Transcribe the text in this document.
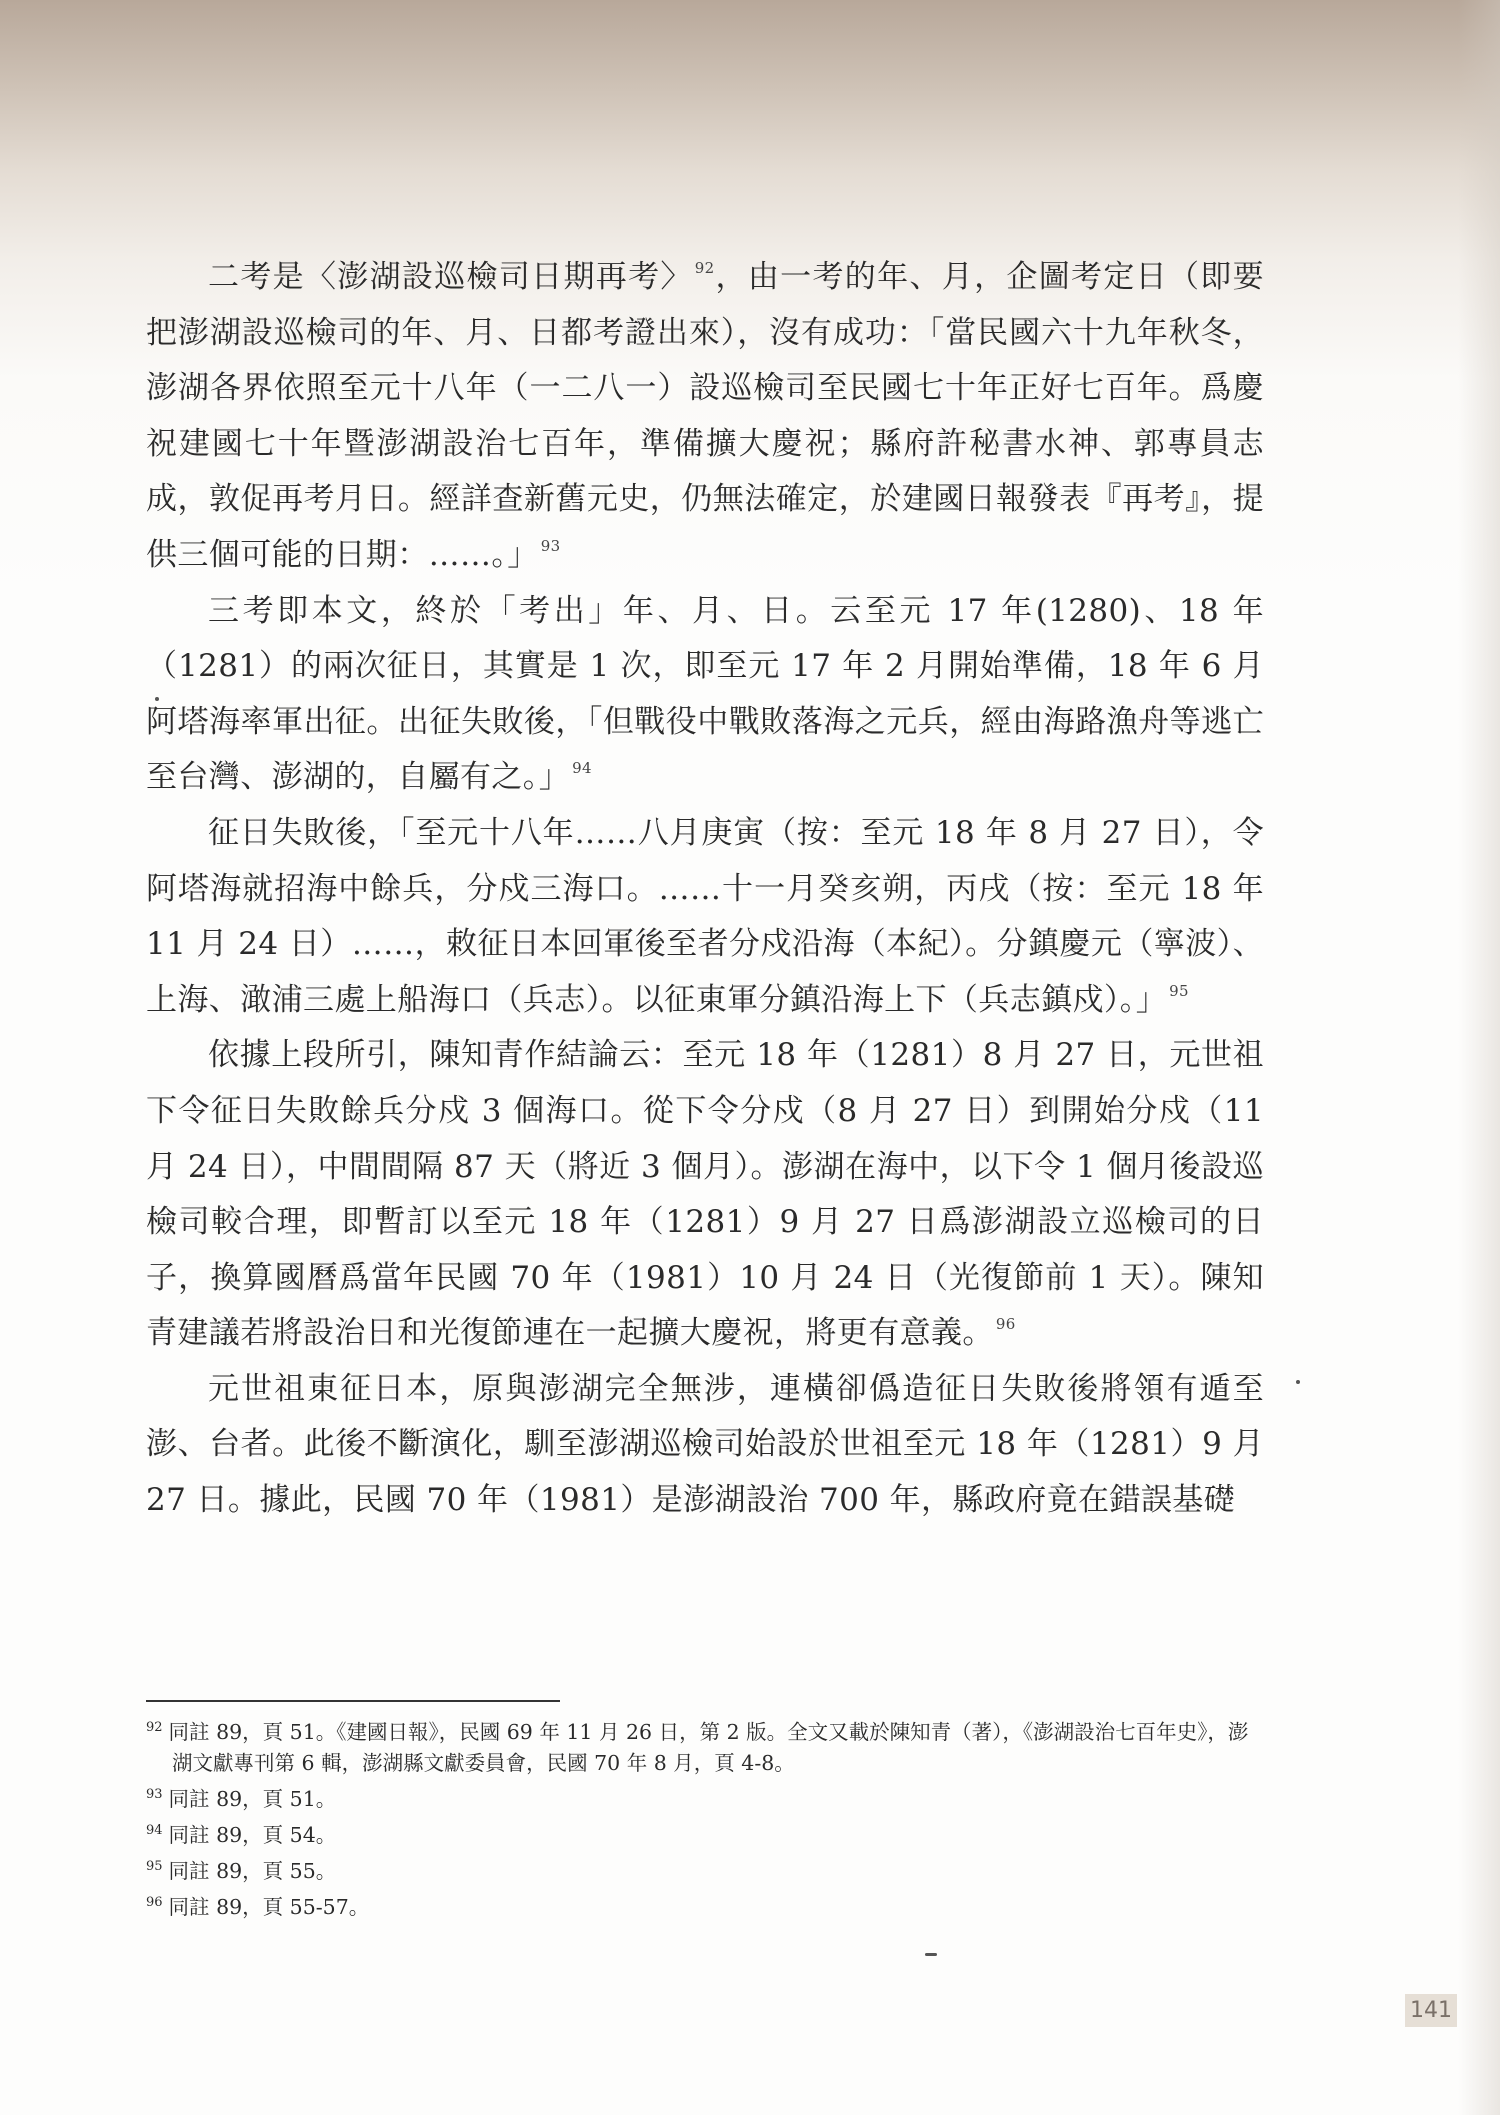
二考是〈澎湖設巡檢司日期再考〉 $^{92}$，由一考的年、月，企圖考定日（即要把澎湖設巡檢司的年、月、日都考證出來），沒有成功：「當民國六十九年秋冬，澎湖各界依照至元十八年（一二八一）設巡檢司至民國七十年正好七百年。爲慶祝建國七十年暨澎湖設治七百年，準備擴大慶祝；縣府許秘書水神、郭專員志成，敦促再考月日。經詳查新舊元史，仍無法確定，於建國日報發表『再考』，提供三個可能的日期：……。」 $^{93}$

三考即本文，終於「考出」年、月、日。云至元 17 年(1280)、18 年（1281）的兩次征日，其實是 1 次，即至元 17 年 2 月開始準備，18 年 6 月阿塔海率軍出征。出征失敗後，「但戰役中戰敗落海之元兵，經由海路漁舟等逃亡至台灣、澎湖的，自屬有之。」 $^{94}$

征日失敗後，「至元十八年……八月庚寅（按：至元 18 年 8 月 27 日），令阿塔海就招海中餘兵，分戍三海口。……十一月癸亥朔，丙戌（按：至元 18 年 11 月 24 日）……，敕征日本回軍後至者分戍沿海（本紀）。分鎮慶元（寧波）、上海、澉浦三處上船海口（兵志）。以征東軍分鎮沿海上下（兵志鎮戍）。」 $^{95}$

依據上段所引，陳知青作結論云：至元 18 年（1281）8 月 27 日，元世祖下令征日失敗餘兵分戍 3 個海口。從下令分戍（8 月 27 日）到開始分戍（11 月 24 日），中間間隔 87 天（將近 3 個月）。澎湖在海中，以下令 1 個月後設巡檢司較合理，即暫訂以至元 18 年（1281）9 月 27 日爲澎湖設立巡檢司的日子，換算國曆爲當年民國 70 年（1981）10 月 24 日（光復節前 1 天）。陳知青建議若將設治日和光復節連在一起擴大慶祝，將更有意義。 $^{96}$

元世祖東征日本，原與澎湖完全無涉，連橫卻僞造征日失敗後將領有遁至澎、台者。此後不斷演化，馴至澎湖巡檢司始設於世祖至元 18 年（1281）9 月 27 日。據此，民國 70 年（1981）是澎湖設治 700 年，縣政府竟在錯誤基礎

$^{92}$ 同註 89，頁 51。《建國日報》，民國 69 年 11 月 26 日，第 2 版。全文又載於陳知青（著），《澎湖設治七百年史》，澎湖文獻專刊第 6 輯，澎湖縣文獻委員會，民國 70 年 8 月，頁 4-8。

$^{93}$ 同註 89，頁 51。

$^{94}$ 同註 89，頁 54。

$^{95}$ 同註 89，頁 55。

$^{96}$ 同註 89，頁 55-57。

141
